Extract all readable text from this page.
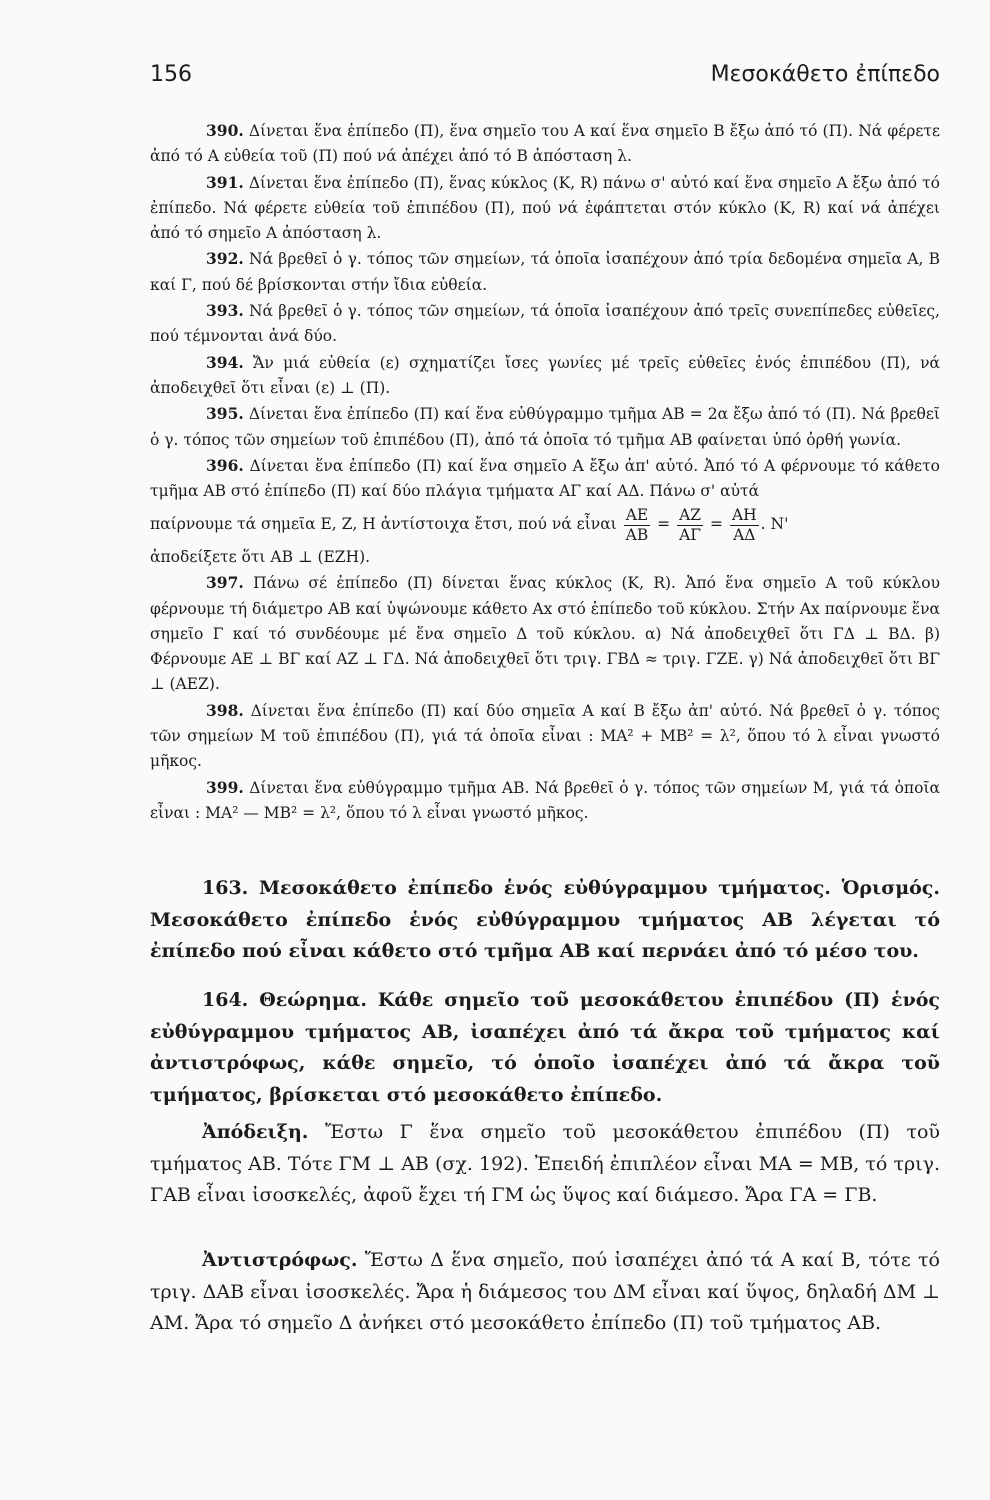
156	Μεσοκάθετο ἐπίπεδο

390. Δίνεται ἕνα ἐπίπεδο (Π), ἕνα σημεῖο του Α καί ἕνα σημεῖο Β ἔξω ἀπό τό (Π). Νά φέρετε ἀπό τό Α εὐθεία τοῦ (Π) πού νά ἀπέχει ἀπό τό Β ἀπόσταση λ.

391. Δίνεται ἕνα ἐπίπεδο (Π), ἕνας κύκλος (Κ, R) πάνω σ' αὐτό καί ἕνα σημεῖο Α ἔξω ἀπό τό ἐπίπεδο. Νά φέρετε εὐθεία τοῦ ἐπιπέδου (Π), πού νά ἐφάπτεται στόν κύκλο (Κ, R) καί νά ἀπέχει ἀπό τό σημεῖο Α ἀπόσταση λ.

392. Νά βρεθεῖ ὁ γ. τόπος τῶν σημείων, τά ὁποῖα ἰσαπέχουν ἀπό τρία δεδομένα σημεῖα Α, Β καί Γ, πού δέ βρίσκονται στήν ἴδια εὐθεία.

393. Νά βρεθεῖ ὁ γ. τόπος τῶν σημείων, τά ὁποῖα ἰσαπέχουν ἀπό τρεῖς συνεπίπεδες εὐθεῖες, πού τέμνονται ἀνά δύο.

394. Ἄν μιά εὐθεία (ε) σχηματίζει ἴσες γωνίες μέ τρεῖς εὐθεῖες ἑνός ἐπιπέδου (Π), νά ἀποδειχθεῖ ὅτι εἶναι (ε) ⊥ (Π).

395. Δίνεται ἕνα ἐπίπεδο (Π) καί ἕνα εὐθύγραμμο τμῆμα ΑΒ = 2α ἔξω ἀπό τό (Π). Νά βρεθεῖ ὁ γ. τόπος τῶν σημείων τοῦ ἐπιπέδου (Π), ἀπό τά ὁποῖα τό τμῆμα ΑΒ φαίνεται ὑπό ὀρθή γωνία.

396. Δίνεται ἕνα ἐπίπεδο (Π) καί ἕνα σημεῖο Α ἔξω ἀπ' αὐτό. Ἀπό τό Α φέρνουμε τό κάθετο τμῆμα ΑΒ στό ἐπίπεδο (Π) καί δύο πλάγια τμήματα ΑΓ καί ΑΔ. Πάνω σ' αὐτά

παίρνουμε τά σημεῖα Ε, Ζ, Η ἀντίστοιχα ἔτσι, πού νά εἶναι $\frac{AE}{AB} = \frac{AZ}{A\Gamma} = \frac{AH}{A\Delta}$ . Ν'

ἀποδείξετε ὅτι ΑΒ ⊥ (ΕΖΗ).

397. Πάνω σέ ἐπίπεδο (Π) δίνεται ἕνας κύκλος (Κ, R). Ἀπό ἕνα σημεῖο Α τοῦ κύκλου φέρνουμε τή διάμετρο ΑΒ καί ὑψώνουμε κάθετο Αx στό ἐπίπεδο τοῦ κύκλου. Στήν Αx παίρνουμε ἕνα σημεῖο Γ καί τό συνδέουμε μέ ἕνα σημεῖο Δ τοῦ κύκλου. α) Νά ἀποδειχθεῖ ὅτι ΓΔ ⊥ ΒΔ. β) Φέρνουμε ΑΕ ⊥ ΒΓ καί ΑΖ ⊥ ΓΔ. Νά ἀποδειχθεῖ ὅτι τριγ. ΓΒΔ ≈ τριγ. ΓΖΕ. γ) Νά ἀποδειχθεῖ ὅτι ΒΓ ⊥ (ΑΕΖ).

398. Δίνεται ἕνα ἐπίπεδο (Π) καί δύο σημεῖα Α καί Β ἔξω ἀπ' αὐτό. Νά βρεθεῖ ὁ γ. τόπος τῶν σημείων Μ τοῦ ἐπιπέδου (Π), γιά τά ὁποῖα εἶναι : ΜΑ² + ΜΒ² = λ², ὅπου τό λ εἶναι γνωστό μῆκος.

399. Δίνεται ἕνα εὐθύγραμμο τμῆμα ΑΒ. Νά βρεθεῖ ὁ γ. τόπος τῶν σημείων Μ, γιά τά ὁποῖα εἶναι : ΜΑ² — ΜΒ² = λ², ὅπου τό λ εἶναι γνωστό μῆκος.

163. Μεσοκάθετο ἐπίπεδο ἑνός εὐθύγραμμου τμήματος. Ὁρισμός. Μεσοκάθετο ἐπίπεδο ἑνός εὐθύγραμμου τμήματος ΑΒ λέγεται τό ἐπίπεδο πού εἶναι κάθετο στό τμῆμα ΑΒ καί περνάει ἀπό τό μέσο του.

164. Θεώρημα. Κάθε σημεῖο τοῦ μεσοκάθετου ἐπιπέδου (Π) ἑνός εὐθύγραμμου τμήματος ΑΒ, ἰσαπέχει ἀπό τά ἄκρα τοῦ τμήματος καί ἀντιστρόφως, κάθε σημεῖο, τό ὁποῖο ἰσαπέχει ἀπό τά ἄκρα τοῦ τμήματος, βρίσκεται στό μεσοκάθετο ἐπίπεδο.

Ἀπόδειξη. Ἔστω Γ ἕνα σημεῖο τοῦ μεσοκάθετου ἐπιπέδου (Π) τοῦ τμήματος ΑΒ. Τότε ΓΜ ⊥ ΑΒ (σχ. 192). Ἐπειδή ἐπιπλέον εἶναι ΜΑ = ΜΒ, τό τριγ. ΓΑΒ εἶναι ἰσοσκελές, ἀφοῦ ἔχει τή ΓΜ ὡς ὕψος καί διάμεσο. Ἄρα ΓΑ = ΓΒ.

Ἀντιστρόφως. Ἔστω Δ ἕνα σημεῖο, πού ἰσαπέχει ἀπό τά Α καί Β, τότε τό τριγ. ΔΑΒ εἶναι ἰσοσκελές. Ἄρα ἡ διάμεσος του ΔΜ εἶναι καί ὕψος, δηλαδή ΔΜ ⊥ ΑΜ. Ἄρα τό σημεῖο Δ ἀνήκει στό μεσοκάθετο ἐπίπεδο (Π) τοῦ τμήματος ΑΒ.
